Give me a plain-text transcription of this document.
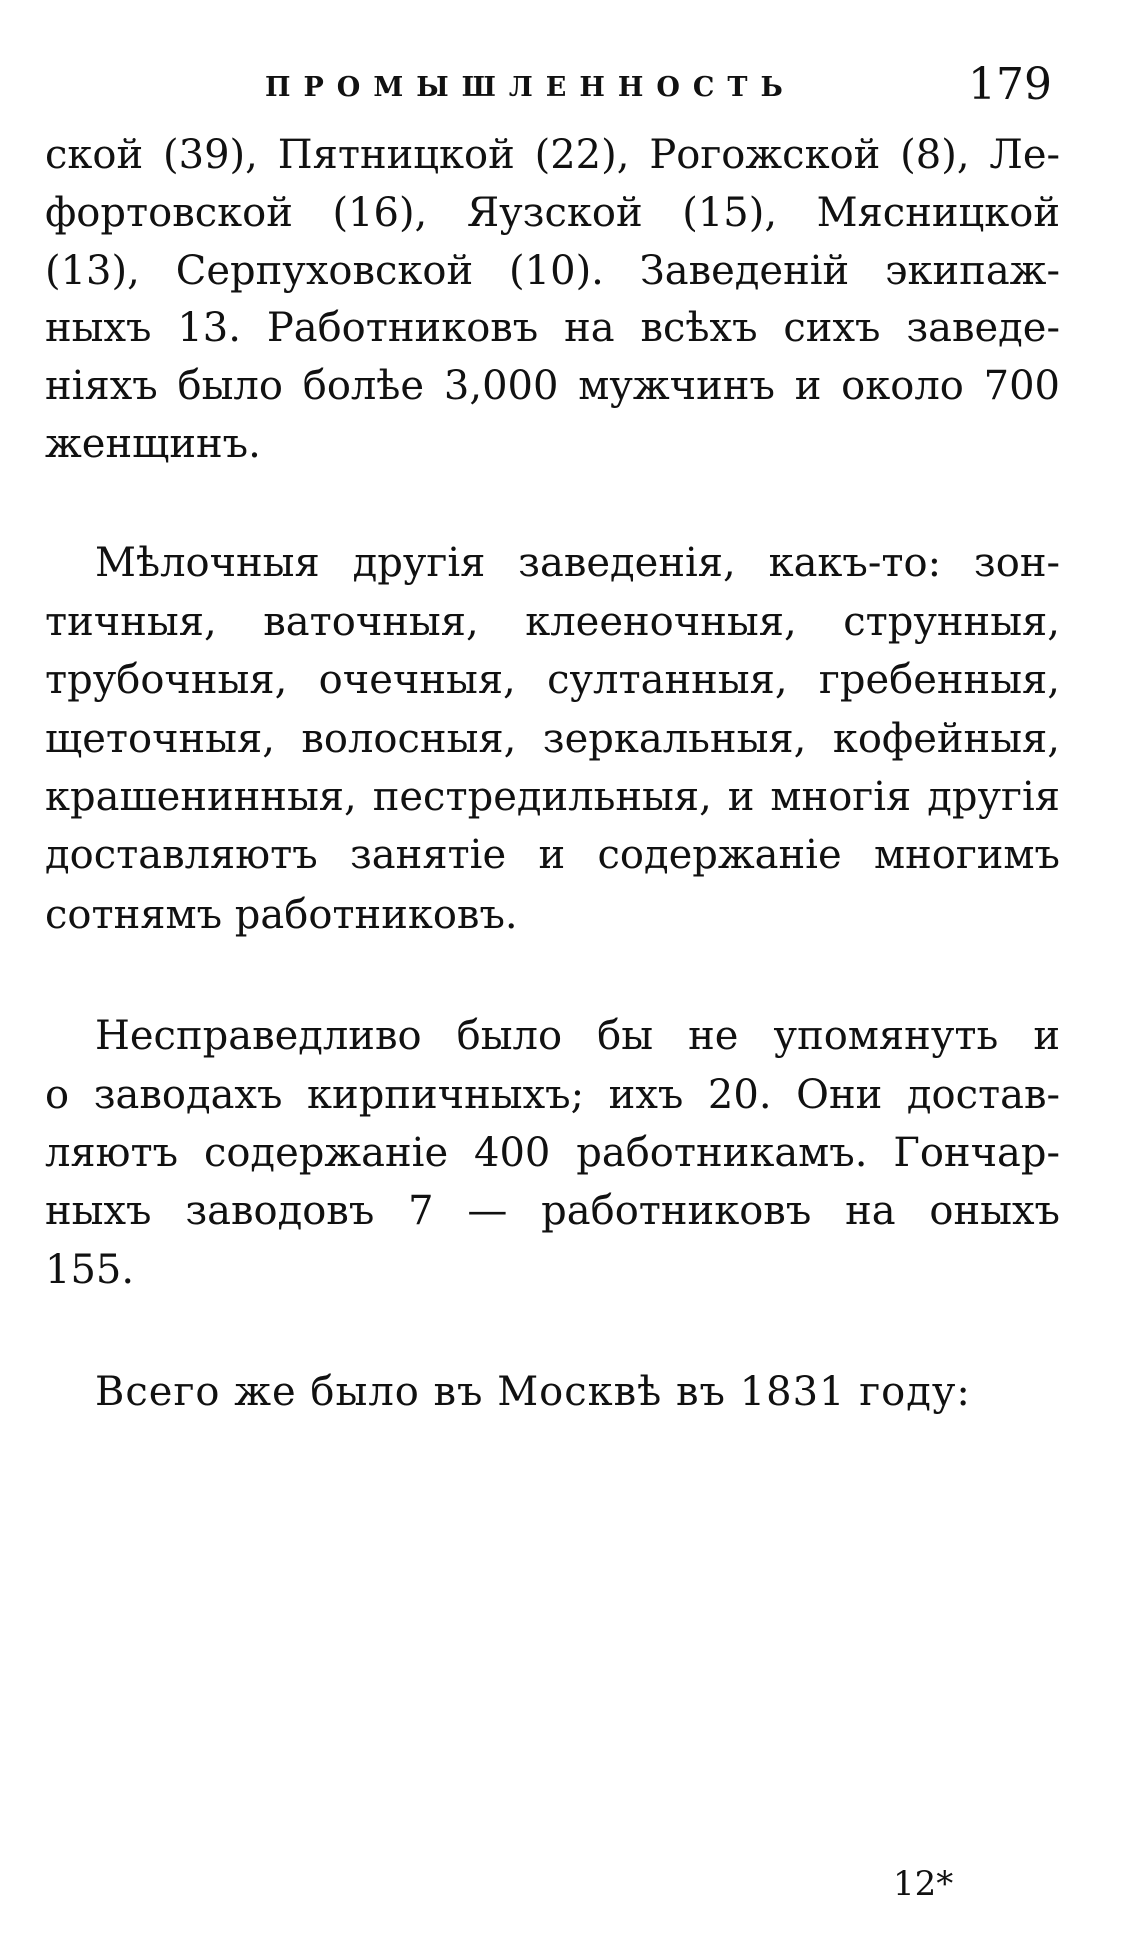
ПРОМЫШЛЕННОСТЬ	179
ской (39), Пятницкой (22), Рогожской (8), Ле-
фортовской (16), Яузской (15), Мясницкой
(13), Серпуховской (10). Заведеній экипаж-
ныхъ 13. Работниковъ на всѣхъ сихъ заведе-
ніяхъ было болѣе 3,000 мужчинъ и около 700
женщинъ.
Мѣлочныя другія заведенія, какъ-то: зон-
тичныя, ваточныя, клееночныя, струнныя,
трубочныя, очечныя, султанныя, гребенныя,
щеточныя, волосныя, зеркальныя, кофейныя,
крашенинныя, пестредильныя, и многія другія
доставляютъ занятіе и содержаніе многимъ
сотнямъ работниковъ.
Несправедливо было бы не упомянуть и
о заводахъ кирпичныхъ; ихъ 20. Они достав-
ляютъ содержаніе 400 работникамъ. Гончар-
ныхъ заводовъ 7 — работниковъ на оныхъ
155.
Всего же было въ Москвѣ въ 1831 году:
12*
